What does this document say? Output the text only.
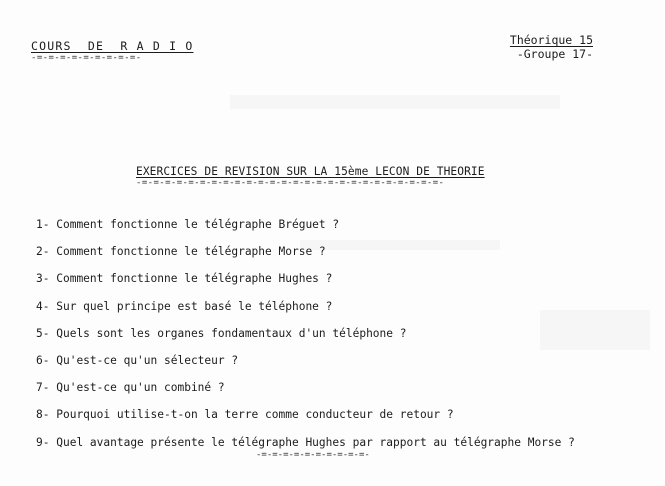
COURS  DE  R A D I O
-=-=-=-=-=-=-=-=-=-
Théorique 15
-Groupe 17-
EXERCICES DE REVISION SUR LA 15ème LECON DE THEORIE
-=-=-=-=-=-=-=-=-=-=-=-=-=-=-=-=-=-=-=-=-=-=-=-=-=-=-
1- Comment fonctionne le télégraphe Bréguet ?
2- Comment fonctionne le télégraphe Morse ?
3- Comment fonctionne le télégraphe Hughes ?
4- Sur quel principe est basé le téléphone ?
5- Quels sont les organes fondamentaux d'un téléphone ?
6- Qu'est-ce qu'un sélecteur ?
7- Qu'est-ce qu'un combiné ?
8- Pourquoi utilise-t-on la terre comme conducteur de retour ?
9- Quel avantage présente le télégraphe Hughes par rapport au télégraphe Morse ?
-=-=-=-=-=-=-=-=-=-=-
